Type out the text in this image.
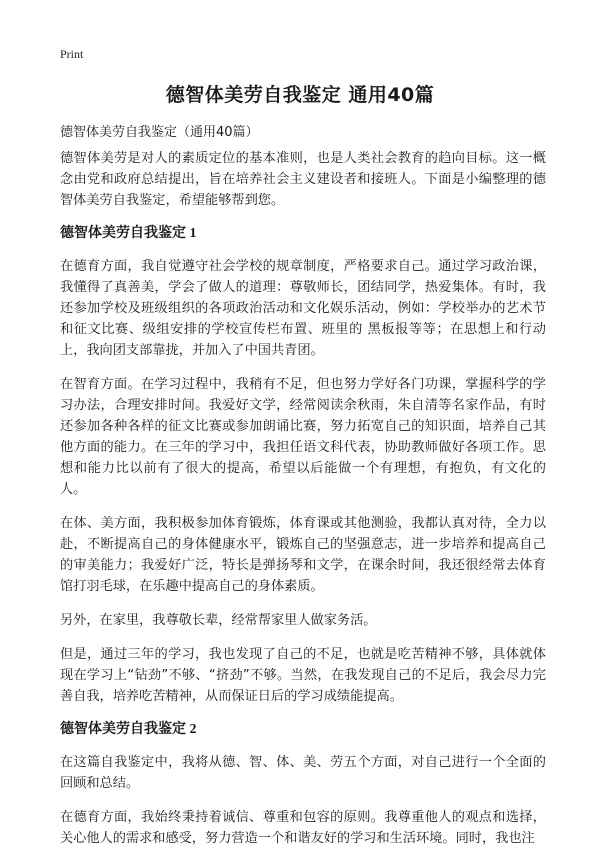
Print
德智体美劳自我鉴定 通用40篇
德智体美劳自我鉴定（通用40篇）

德智体美劳是对人的素质定位的基本准则，也是人类社会教育的趋向目标。这一概念由党和政府总结提出，旨在培养社会主义建设者和接班人。下面是小编整理的德智体美劳自我鉴定，希望能够帮到您。

德智体美劳自我鉴定 1

在德育方面，我自觉遵守社会学校的规章制度，严格要求自己。通过学习政治课，我懂得了真善美，学会了做人的道理：尊敬师长，团结同学，热爱集体。有时，我还参加学校及班级组织的各项政治活动和文化娱乐活动，例如：学校举办的艺术节和征文比赛、级组安排的学校宣传栏布置、班里的 黑板报等等；在思想上和行动上，我向团支部靠拢，并加入了中国共青团。

在智育方面。在学习过程中，我稍有不足，但也努力学好各门功课，掌握科学的学习办法，合理安排时间。我爱好文学，经常阅读余秋雨，朱自清等名家作品，有时还参加各种各样的征文比赛或参加朗诵比赛，努力拓宽自己的知识面，培养自己其他方面的能力。在三年的学习中，我担任语文科代表，协助教师做好各项工作。思想和能力比以前有了很大的提高，希望以后能做一个有理想，有抱负，有文化的人。

在体、美方面，我积极参加体育锻炼，体育课或其他测验，我都认真对待，全力以赴，不断提高自己的身体健康水平，锻炼自己的坚强意志，进一步培养和提高自己的审美能力；我爱好广泛，特长是弹扬琴和文学，在课余时间，我还很经常去体育馆打羽毛球，在乐趣中提高自己的身体素质。

另外，在家里，我尊敬长辈，经常帮家里人做家务活。

但是，通过三年的学习，我也发现了自己的不足，也就是吃苦精神不够，具体就体现在学习上“钻劲”不够、“挤劲”不够。当然，在我发现自己的不足后，我会尽力完善自我，培养吃苦精神，从而保证日后的学习成绩能提高。

德智体美劳自我鉴定 2

在这篇自我鉴定中，我将从德、智、体、美、劳五个方面，对自己进行一个全面的回顾和总结。

在德育方面，我始终秉持着诚信、尊重和包容的原则。我尊重他人的观点和选择，关心他人的需求和感受，努力营造一个和谐友好的学习和生活环境。同时，我也注
